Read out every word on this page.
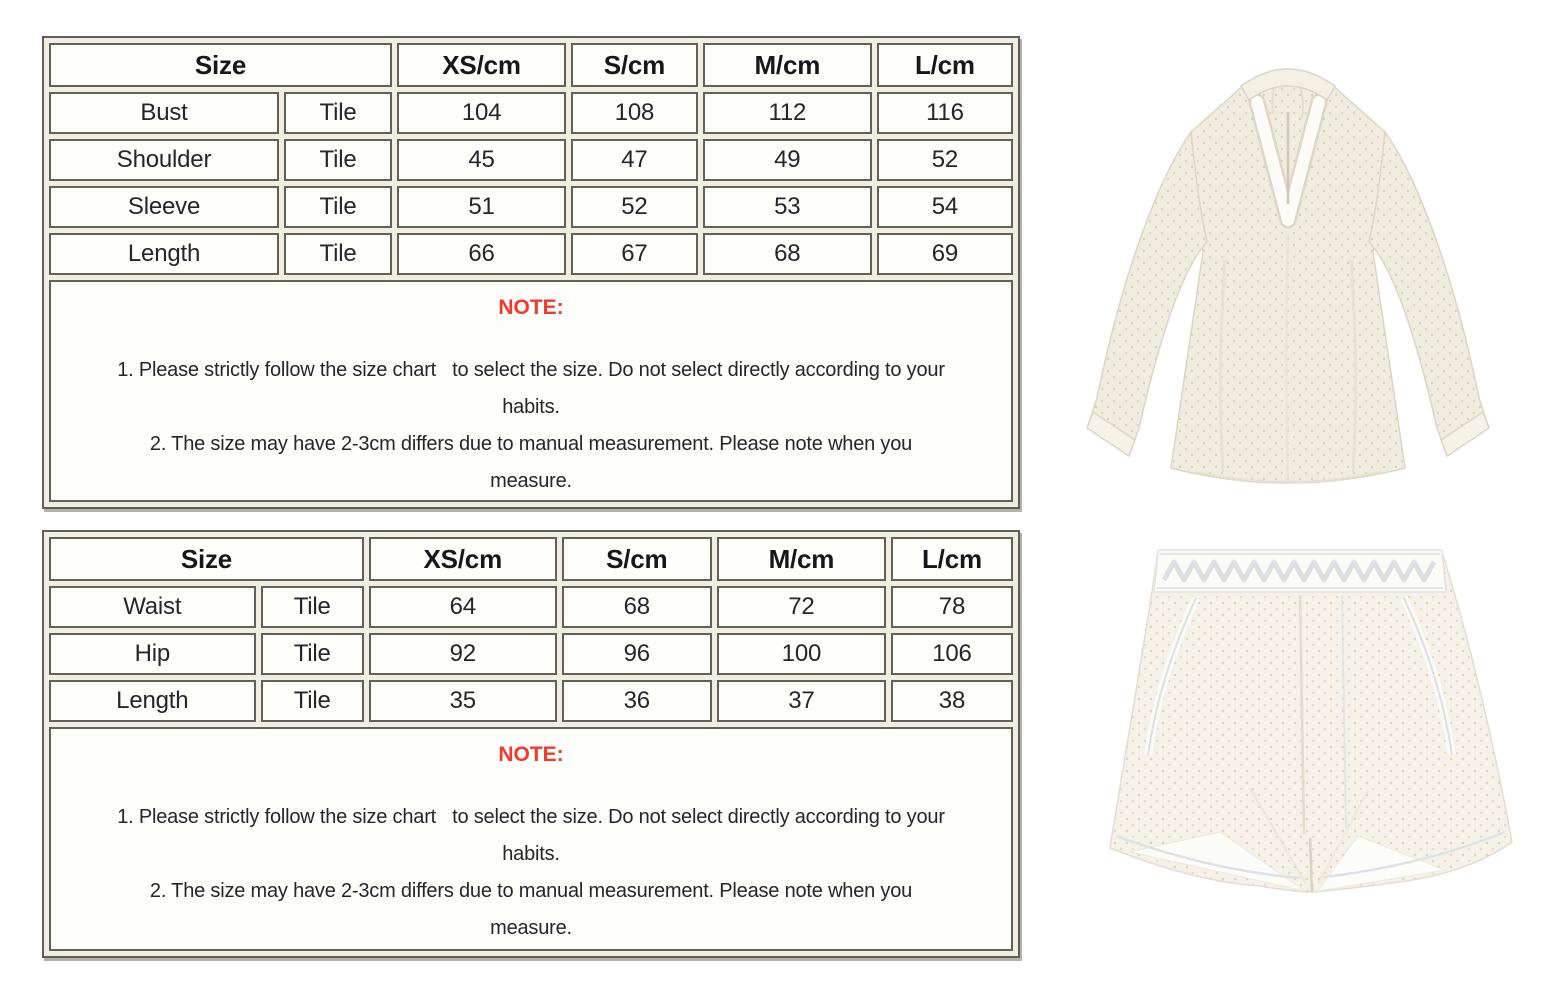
Size		XS/cm	S/cm	M/cm	L/cm
Bust	Tile	104	108	112	116
Shoulder	Tile	45	47	49	52
Sleeve	Tile	51	52	53	54
Length	Tile	66	67	68	69

NOTE:
1. Please strictly follow the size chart   to select the size. Do not select directly according to your
habits.
2. The size may have 2-3cm differs due to manual measurement. Please note when you
measure.					
Size		XS/cm	S/cm	M/cm	L/cm
Waist	Tile	64	68	72	78
Hip	Tile	92	96	100	106
Length	Tile	35	36	37	38

NOTE:
1. Please strictly follow the size chart   to select the size. Do not select directly according to your
habits.
2. The size may have 2-3cm differs due to manual measurement. Please note when you
measure.					
